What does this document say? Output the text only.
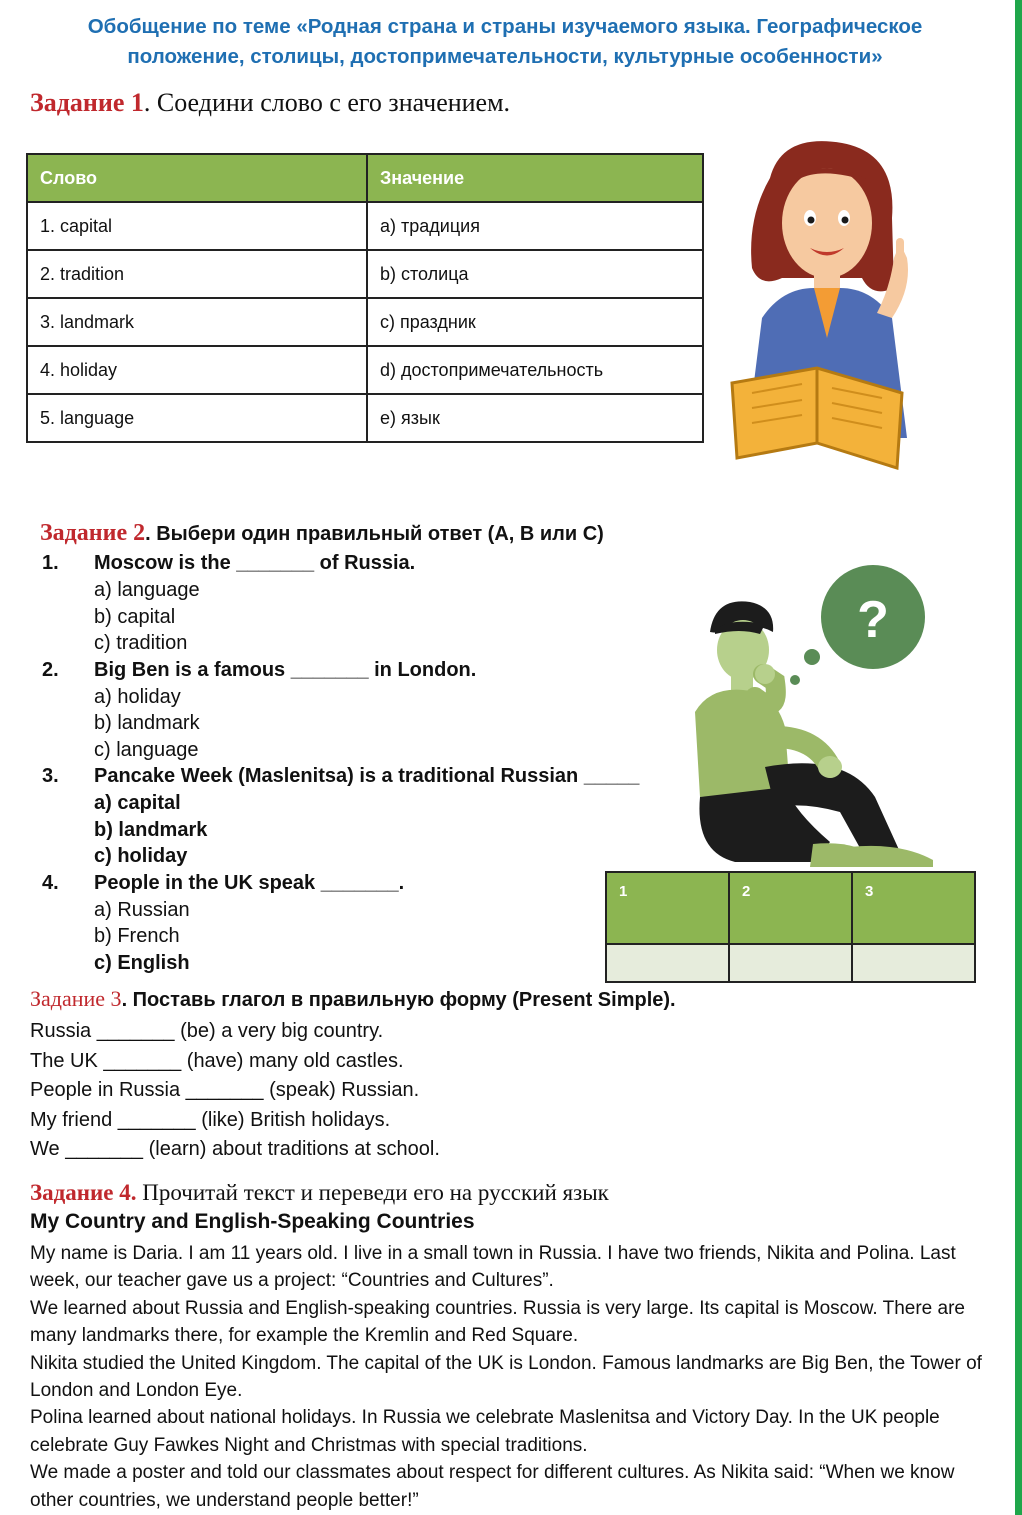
Обобщение по теме «Родная страна и страны изучаемого языка. Географическое
положение, столицы, достопримечательности, культурные особенности»
Задание 1. Соедини слово с его значением.
Слово	Значение
1. capital	a) традиция
2. tradition	b) столица
3. landmark	c) праздник
4. holiday	d) достопримечательность
5. language	e) язык
Задание 2. Выбери один правильный ответ (A, B или C)
1. Moscow is the _______ of Russia.
a) language
b) capital
c) tradition
2. Big Ben is a famous _______ in London.
a) holiday
b) landmark
c) language
3. Pancake Week (Maslenitsa) is a traditional Russian _____
a) capital
b) landmark
c) holiday
4. People in the UK speak _______.
a) Russian
b) French
c) English
?
1	2	3

Задание 3. Поставь глагол в правильную форму (Present Simple).
Russia _______ (be) a very big country.
The UK _______ (have) many old castles.
People in Russia _______ (speak) Russian.
My friend _______ (like) British holidays.
We _______ (learn) about traditions at school.
Задание 4. Прочитай текст и переведи его на русский язык
My Country and English-Speaking Countries

My name is Daria. I am 11 years old. I live in a small town in Russia. I have two friends, Nikita and Polina. Last week, our teacher gave us a project: “Countries and Cultures”.

We learned about Russia and English-speaking countries. Russia is very large. Its capital is Moscow. There are many landmarks there, for example the Kremlin and Red Square.

Nikita studied the United Kingdom. The capital of the UK is London. Famous landmarks are Big Ben, the Tower of London and London Eye.

Polina learned about national holidays. In Russia we celebrate Maslenitsa and Victory Day. In the UK people celebrate Guy Fawkes Night and Christmas with special traditions.

We made a poster and told our classmates about respect for different cultures. As Nikita said: “When we know other countries, we understand people better!”
